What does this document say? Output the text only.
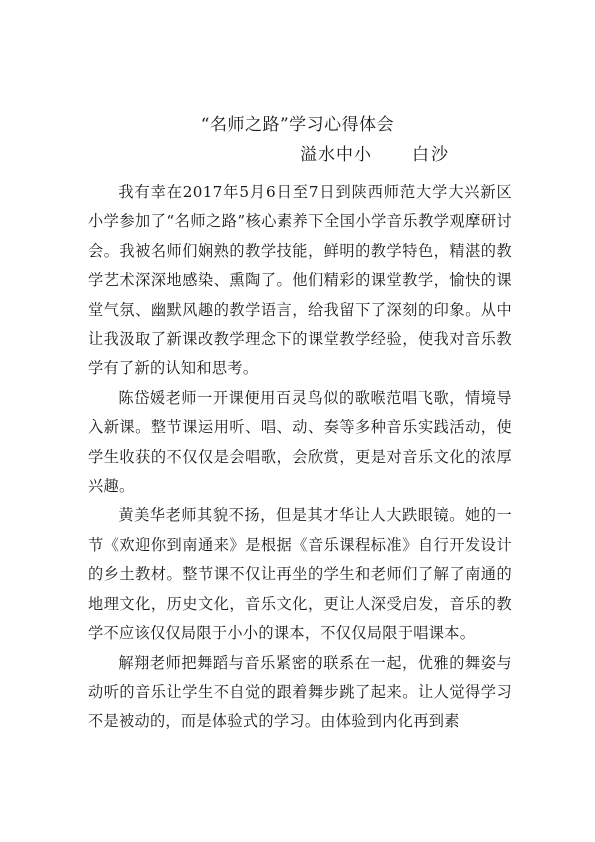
“名师之路”学习心得体会
溢水中小 白沙

我有幸在2017年5月6日至7日到陕西师范大学大兴新区小学参加了“名师之路”核心素养下全国小学音乐教学观摩研讨会。我被名师们娴熟的教学技能，鲜明的教学特色，精湛的教学艺术深深地感染、熏陶了。他们精彩的课堂教学，愉快的课堂气氛、幽默风趣的教学语言，给我留下了深刻的印象。从中让我汲取了新课改教学理念下的课堂教学经验，使我对音乐教学有了新的认知和思考。

陈岱媛老师一开课便用百灵鸟似的歌喉范唱飞歌，情境导入新课。整节课运用听、唱、动、奏等多种音乐实践活动，使学生收获的不仅仅是会唱歌，会欣赏，更是对音乐文化的浓厚兴趣。

黄美华老师其貌不扬，但是其才华让人大跌眼镜。她的一节《欢迎你到南通来》是根据《音乐课程标准》自行开发设计的乡土教材。整节课不仅让再坐的学生和老师们了解了南通的地理文化，历史文化，音乐文化，更让人深受启发，音乐的教学不应该仅仅局限于小小的课本，不仅仅局限于唱课本。

解翔老师把舞蹈与音乐紧密的联系在一起，优雅的舞姿与动听的音乐让学生不自觉的跟着舞步跳了起来。让人觉得学习不是被动的，而是体验式的学习。由体验到内化再到素
